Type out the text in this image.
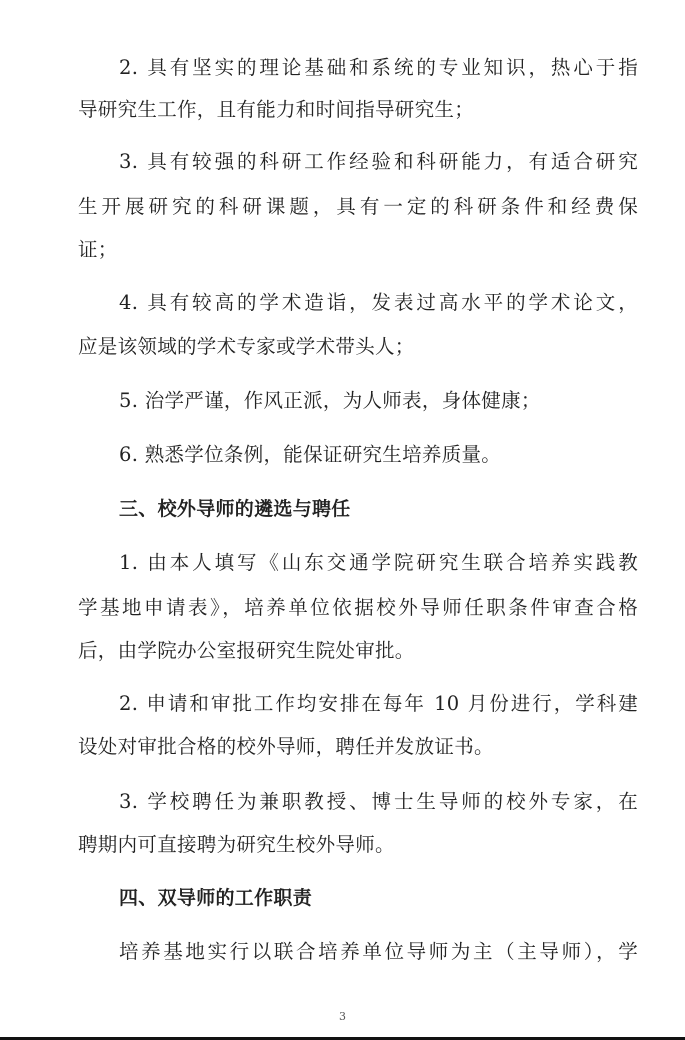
2. 具有坚实的理论基础和系统的专业知识，热心于指
导研究生工作，且有能力和时间指导研究生；
3. 具有较强的科研工作经验和科研能力，有适合研究
生开展研究的科研课题，具有一定的科研条件和经费保
证；
4. 具有较高的学术造诣，发表过高水平的学术论文，
应是该领域的学术专家或学术带头人；
5. 治学严谨，作风正派，为人师表，身体健康；
6. 熟悉学位条例，能保证研究生培养质量。
三、校外导师的遴选与聘任
1. 由本人填写《山东交通学院研究生联合培养实践教
学基地申请表》，培养单位依据校外导师任职条件审查合格
后，由学院办公室报研究生院处审批。
2. 申请和审批工作均安排在每年 10 月份进行，学科建
设处对审批合格的校外导师，聘任并发放证书。
3. 学校聘任为兼职教授、博士生导师的校外专家，在
聘期内可直接聘为研究生校外导师。
四、双导师的工作职责
培养基地实行以联合培养单位导师为主（主导师），学
3
